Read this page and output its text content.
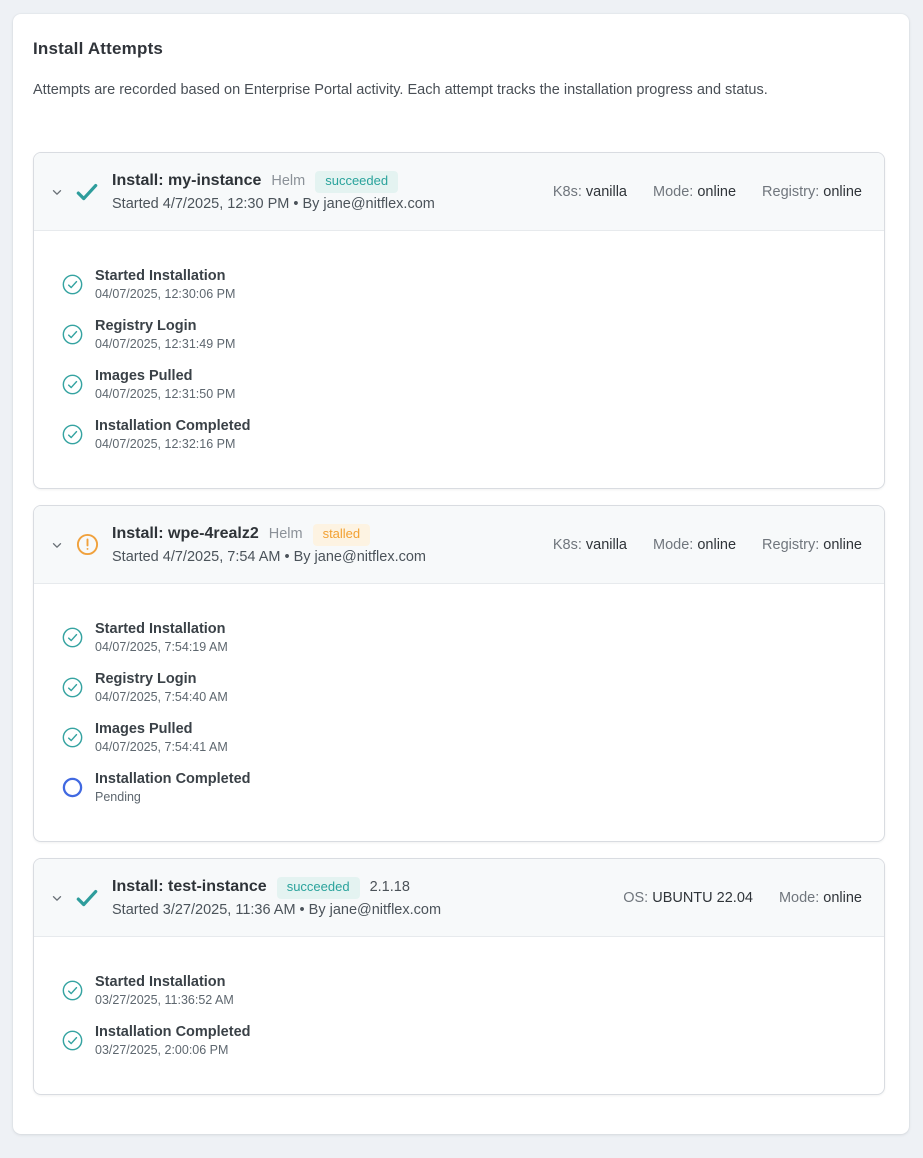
Install Attempts

Attempts are recorded based on Enterprise Portal activity. Each attempt tracks the installation progress and status.

Install: my-instance Helm	succeeded
Started 4/7/2025, 12:30 PM • By jane@nitflex.com
K8s: vanilla Mode: online Registry: online
Started Installation
04/07/2025, 12:30:06 PM
Registry Login
04/07/2025, 12:31:49 PM
Images Pulled
04/07/2025, 12:31:50 PM
Installation Completed
04/07/2025, 12:32:16 PM
Install: wpe-4realz2 Helm	stalled
Started 4/7/2025, 7:54 AM • By jane@nitflex.com
K8s: vanilla Mode: online Registry: online
Started Installation
04/07/2025, 7:54:19 AM
Registry Login
04/07/2025, 7:54:40 AM
Images Pulled
04/07/2025, 7:54:41 AM
Installation Completed
Pending
Install: test-instance	succeeded	2.1.18
Started 3/27/2025, 11:36 AM • By jane@nitflex.com
OS: UBUNTU 22.04 Mode: online
Started Installation
03/27/2025, 11:36:52 AM
Installation Completed
03/27/2025, 2:00:06 PM
